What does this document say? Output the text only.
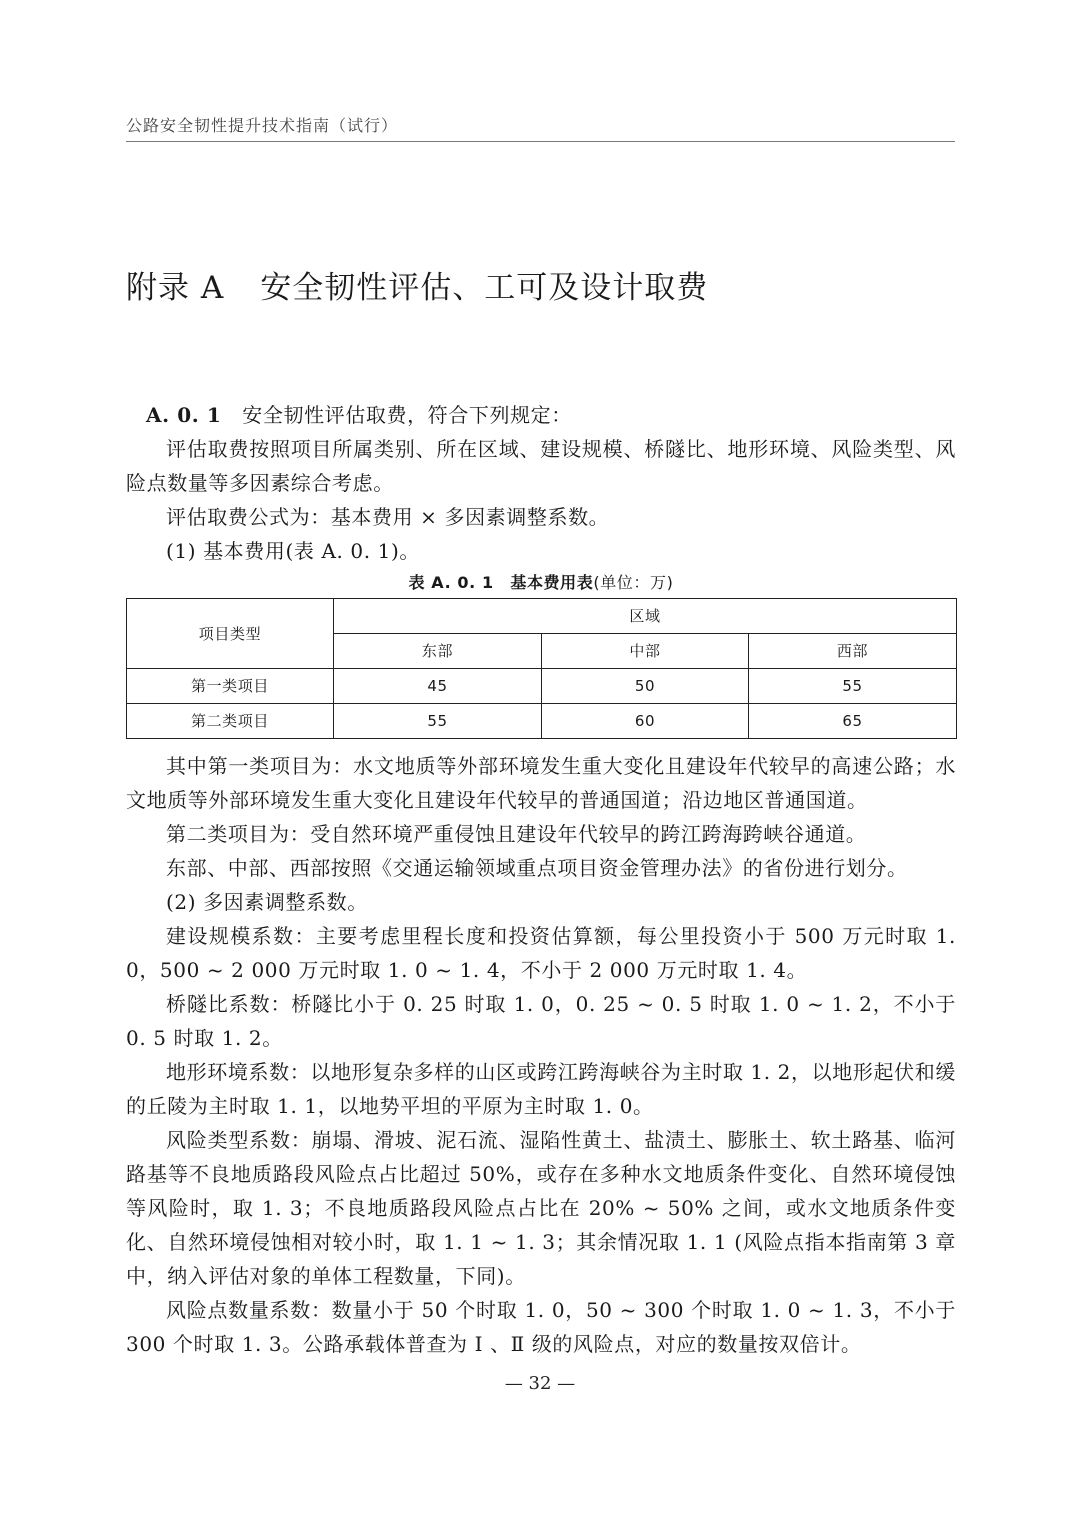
公路安全韧性提升技术指南（试行）
附录 A 安全韧性评估、工可及设计取费

A. 0. 1 安全韧性评估取费，符合下列规定：

评估取费按照项目所属类别、所在区域、建设规模、桥隧比、地形环境、风险类型、风险点数量等多因素综合考虑。

评估取费公式为：基本费用 × 多因素调整系数。

(1) 基本费用(表 A. 0. 1)。

表 A. 0. 1　基本费用表(单位：万)

项目类型	区域		
	东部	中部	西部
第一类项目	45	50	55
第二类项目	55	60	65

其中第一类项目为：水文地质等外部环境发生重大变化且建设年代较早的高速公路；水文地质等外部环境发生重大变化且建设年代较早的普通国道；沿边地区普通国道。

第二类项目为：受自然环境严重侵蚀且建设年代较早的跨江跨海跨峡谷通道。

东部、中部、西部按照《交通运输领域重点项目资金管理办法》的省份进行划分。

(2) 多因素调整系数。

建设规模系数：主要考虑里程长度和投资估算额，每公里投资小于 500 万元时取 1. 0，500 ~ 2 000 万元时取 1. 0 ~ 1. 4，不小于 2 000 万元时取 1. 4。

桥隧比系数：桥隧比小于 0. 25 时取 1. 0，0. 25 ~ 0. 5 时取 1. 0 ~ 1. 2，不小于 0. 5 时取 1. 2。

地形环境系数：以地形复杂多样的山区或跨江跨海峡谷为主时取 1. 2，以地形起伏和缓的丘陵为主时取 1. 1，以地势平坦的平原为主时取 1. 0。

风险类型系数：崩塌、滑坡、泥石流、湿陷性黄土、盐渍土、膨胀土、软土路基、临河路基等不良地质路段风险点占比超过 50%，或存在多种水文地质条件变化、自然环境侵蚀等风险时，取 1. 3；不良地质路段风险点占比在 20% ~ 50% 之间，或水文地质条件变化、自然环境侵蚀相对较小时，取 1. 1 ~ 1. 3；其余情况取 1. 1 (风险点指本指南第 3 章中，纳入评估对象的单体工程数量，下同)。

风险点数量系数：数量小于 50 个时取 1. 0，50 ~ 300 个时取 1. 0 ~ 1. 3，不小于 300 个时取 1. 3。公路承载体普查为 Ⅰ 、Ⅱ 级的风险点，对应的数量按双倍计。

— 32 —
